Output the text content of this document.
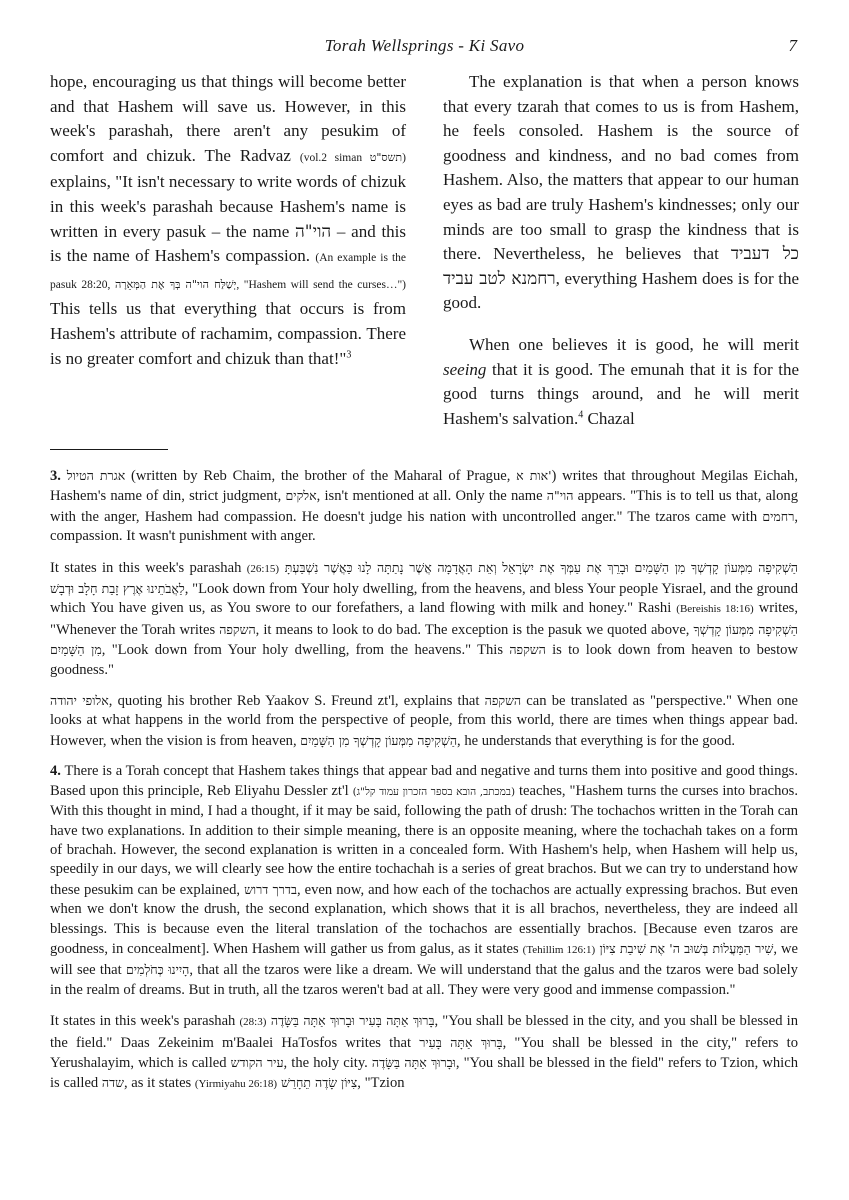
Torah Wellsprings - Ki Savo	7

hope, encouraging us that things will become better and that Hashem will save us. However, in this week's parashah, there aren't any pesukim of comfort and chizuk. The Radvaz (vol.2 siman תשס"ט) explains, "It isn't necessary to write words of chizuk in this week's parashah because Hashem's name is written in every pasuk – the name הוי"ה – and this is the name of Hashem's compassion. (An example is the pasuk 28:20, יְשַׁלַּח הוי"ה בְּךָ אֶת הַמְּאֵרָה, "Hashem will send the curses…") This tells us that everything that occurs is from Hashem's attribute of rachamim, compassion. There is no greater comfort and chizuk than that!"$^3$

The explanation is that when a person knows that every tzarah that comes to us is from Hashem, he feels consoled. Hashem is the source of goodness and kindness, and no bad comes from Hashem. Also, the matters that appear to our human eyes as bad are truly Hashem's kindnesses; only our minds are too small to grasp the kindness that is there. Nevertheless, he believes that כל דעביד רחמנא לטב עביד, everything Hashem does is for the good.

When one believes it is good, he will merit seeing that it is good. The emunah that it is for the good turns things around, and he will merit Hashem's salvation.$^4$ Chazal

3. אגרת הטיול (written by Reb Chaim, the brother of the Maharal of Prague, אות א') writes that throughout Megilas Eichah, Hashem's name of din, strict judgment, אלקים, isn't mentioned at all. Only the name הוי"ה appears. "This is to tell us that, along with the anger, Hashem had compassion. He doesn't judge his nation with uncontrolled anger." The tzaros came with רחמים, compassion. It wasn't punishment with anger.

It states in this week's parashah (26:15) הַשְׁקִיפָה מִמְּעוֹן קָדְשְׁךָ מִן הַשָּׁמַיִם וּבָרֵךְ אֶת עַמְּךָ אֶת יִשְׂרָאֵל וְאֵת הָאֲדָמָה אֲשֶׁר נָתַתָּה לָנוּ כַּאֲשֶׁר נִשְׁבַּעְתָּ לַאֲבֹתֵינוּ אֶרֶץ זָבַת חָלָב וּדְבָשׁ, "Look down from Your holy dwelling, from the heavens, and bless Your people Yisrael, and the ground which You have given us, as You swore to our forefathers, a land flowing with milk and honey." Rashi (Bereishis 18:16) writes, "Whenever the Torah writes השקפה, it means to look to do bad. The exception is the pasuk we quoted above, הַשְׁקִיפָה מִמְּעוֹן קָדְשְׁךָ מִן הַשָּׁמַיִם, "Look down from Your holy dwelling, from the heavens." This השקפה is to look down from heaven to bestow goodness."

אלופי יהודה, quoting his brother Reb Yaakov S. Freund zt'l, explains that השקפה can be translated as "perspective." When one looks at what happens in the world from the perspective of people, from this world, there are times when things appear bad. However, when the vision is from heaven, הַשְׁקִיפָה מִמְּעוֹן קָדְשְׁךָ מִן הַשָּׁמַיִם, he understands that everything is for the good.

4. There is a Torah concept that Hashem takes things that appear bad and negative and turns them into positive and good things. Based upon this principle, Reb Eliyahu Dessler zt'l (במכתב, הובא בספר הזכרון עמוד קל"ג) teaches, "Hashem turns the curses into brachos. With this thought in mind, I had a thought, if it may be said, following the path of drush: The tochachos written in the Torah can have two explanations. In addition to their simple meaning, there is an opposite meaning, where the tochachah takes on a form of brachah. However, the second explanation is written in a concealed form. With Hashem's help, when Hashem will help us, speedily in our days, we will clearly see how the entire tochachah is a series of great brachos. But we can try to understand how these pesukim can be explained, בדרך דרוש, even now, and how each of the tochachos are actually expressing brachos. But even when we don't know the drush, the second explanation, which shows that it is all brachos, nevertheless, they are indeed all blessings. This is because even the literal translation of the tochachos are essentially brachos. [Because even tzaros are goodness, in concealment]. When Hashem will gather us from galus, as it states (Tehillim 126:1) שִׁיר הַמַּעֲלוֹת בְּשׁוּב ה' אֶת שִׁיבַת צִיּוֹן, we will see that הָיִינוּ כְּחֹלְמִים, that all the tzaros were like a dream. We will understand that the galus and the tzaros were bad solely in the realm of dreams. But in truth, all the tzaros weren't bad at all. They were very good and immense compassion."

It states in this week's parashah (28:3) בָּרוּךְ אַתָּה בָּעִיר וּבָרוּךְ אַתָּה בַּשָּׂדֶה, "You shall be blessed in the city, and you shall be blessed in the field." Daas Zekeinim m'Baalei HaTosfos writes that בָּרוּךְ אַתָּה בָּעִיר, "You shall be blessed in the city," refers to Yerushalayim, which is called עיר הקודש, the holy city. וּבָרוּךְ אַתָּה בַּשָּׂדֶה, "You shall be blessed in the field" refers to Tzion, which is called שדה, as it states (Yirmiyahu 26:18) צִיּוֹן שָׂדֶה תֵחָרֵשׁ, "Tzion
